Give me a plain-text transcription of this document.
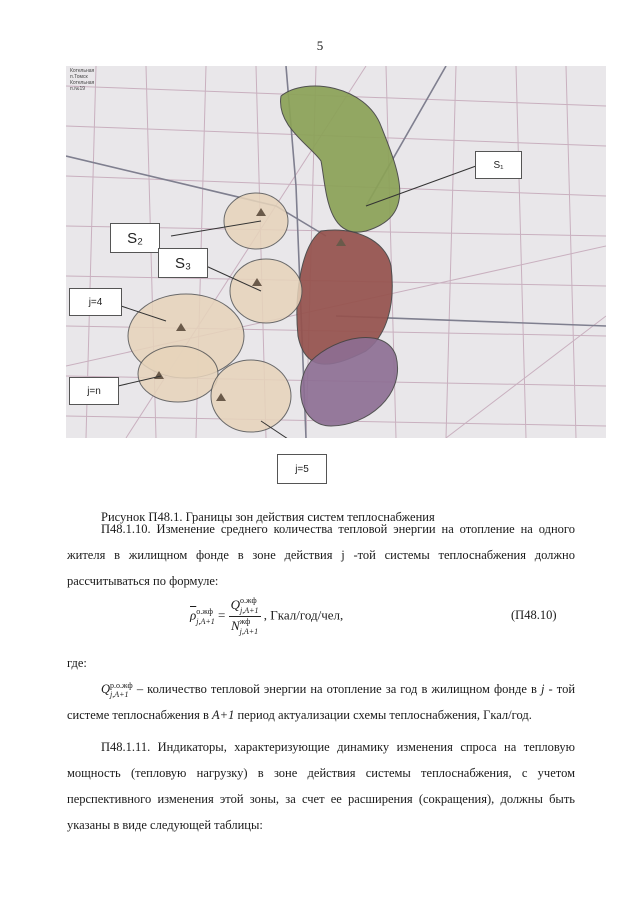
5
Котельная
п.Томск
Котельная
п.№19
S₁
S₂
S₃
j=4
j=n
j=5
Рисунок П48.1. Границы зон действия систем теплоснабжения

П48.1.10. Изменение среднего количества тепловой энергии на отопление на одного жителя в жилищном фонде в зоне действия j -той системы теплоснабжения должно рассчитываться по формуле:

ρ о.жф
j,A+1 = Q о.жф
j,A+1
N жф
j,A+1 , Гкал/год/чел,	(П48.10)

где:

Q р.о.жф
j,A+1 – количество тепловой энергии на отопление за год в жилищном фонде в j - той системе теплоснабжения в A+1 период актуализации схемы теплоснабжения, Гкал/год.

П48.1.11. Индикаторы, характеризующие динамику изменения спроса на тепловую мощность (тепловую нагрузку) в зоне действия системы теплоснабжения, с учетом перспективного изменения этой зоны, за счет ее расширения (сокращения), должны быть указаны в виде следующей таблицы:
